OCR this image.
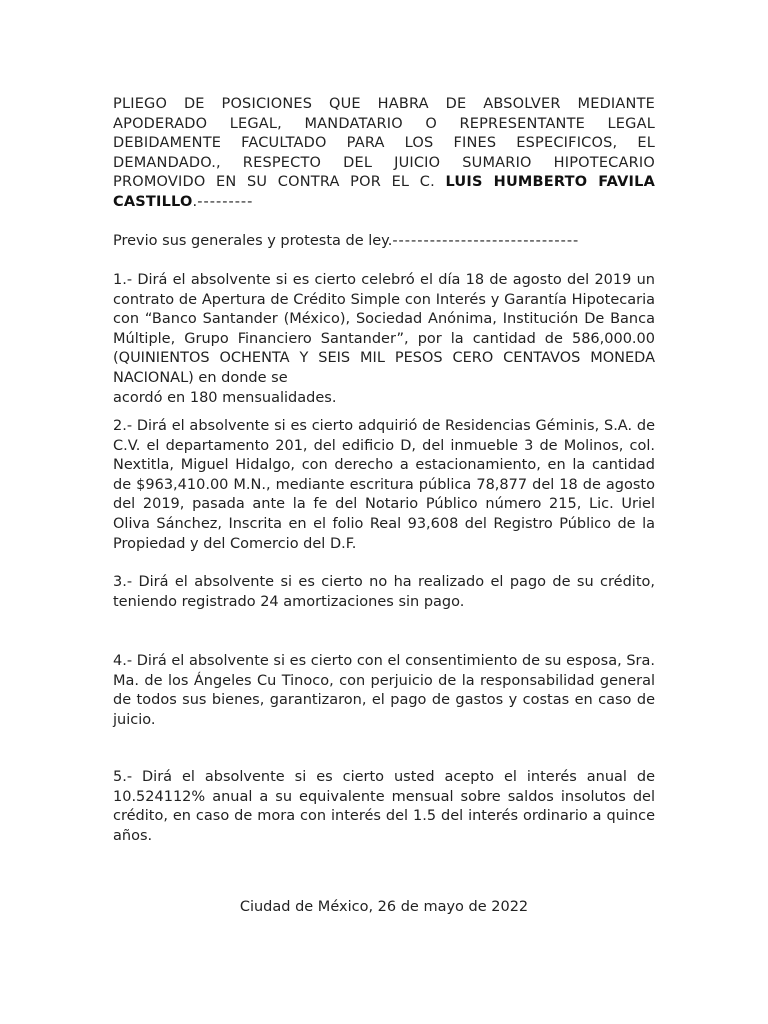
PLIEGO DE POSICIONES QUE HABRA DE ABSOLVER MEDIANTE APODERADO LEGAL, MANDATARIO O REPRESENTANTE LEGAL DEBIDAMENTE FACULTADO PARA LOS FINES ESPECIFICOS, EL DEMANDADO., RESPECTO DEL JUICIO SUMARIO HIPOTECARIO PROMOVIDO EN SU CONTRA POR EL C. LUIS HUMBERTO FAVILA CASTILLO.---------

Previo sus generales y protesta de ley.------------------------------

1.- Dirá el absolvente si es cierto celebró el día 18 de agosto del 2019 un contrato de Apertura de Crédito Simple con Interés y Garantía Hipotecaria con “Banco Santander (México), Sociedad Anónima, Institución De Banca Múltiple, Grupo Financiero Santander”, por la cantidad de 586,000.00 (QUINIENTOS OCHENTA Y SEIS MIL PESOS CERO CENTAVOS MONEDA NACIONAL) en donde se

acordó en 180 mensualidades.

2.- Dirá el absolvente si es cierto adquirió de Residencias Géminis, S.A. de C.V. el departamento 201, del edificio D, del inmueble 3 de Molinos, col. Nextitla, Miguel Hidalgo, con derecho a estacionamiento, en la cantidad de $963,410.00 M.N., mediante escritura pública 78,877 del 18 de agosto del 2019, pasada ante la fe del Notario Público número 215, Lic. Uriel Oliva Sánchez, Inscrita en el folio Real 93,608 del Registro Público de la Propiedad y del Comercio del D.F.

3.- Dirá el absolvente si es cierto no ha realizado el pago de su crédito, teniendo registrado 24 amortizaciones sin pago.

4.- Dirá el absolvente si es cierto con el consentimiento de su esposa, Sra. Ma. de los Ángeles Cu Tinoco, con perjuicio de la responsabilidad general de todos sus bienes, garantizaron, el pago de gastos y costas en caso de juicio.

5.- Dirá el absolvente si es cierto usted acepto el interés anual de 10.524112% anual a su equivalente mensual sobre saldos insolutos del crédito, en caso de mora con interés del 1.5 del interés ordinario a quince años.

Ciudad de México, 26 de mayo de 2022
